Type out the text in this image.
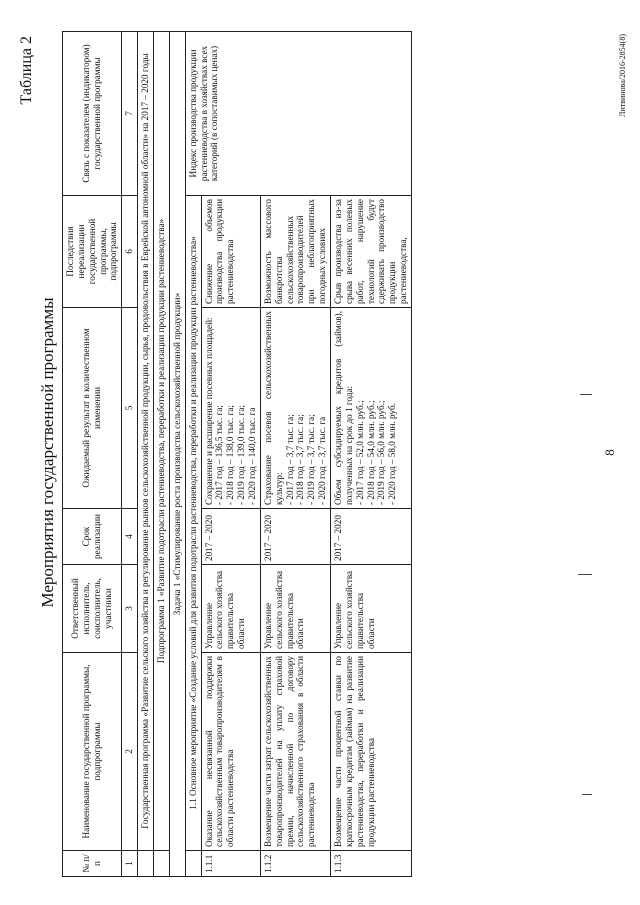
8
Таблица 2
Мероприятия государственной программы
№ п/п	Наименование государственной программы, подпрограммы	Ответственный исполнитель, соисполнитель, участники	Срок реализации	Ожидаемый результат в количественном изменении	Последствия нереализации государственной программы, подпрограммы	Связь с показателем (индикатором) государственной программы
1	2	3	4	5	6	7
	Государственная программа «Развитие сельского хозяйства и регулирование рынков сельскохозяйственной продукции, сырья, продовольствия в Еврейской автономной области» на 2017 – 2020 годы					
	Подпрограмма 1 «Развитие подотрасли растениеводства, переработки и реализации продукции растениеводства»					
Задача 1 «Стимулирование роста производства сельскохозяйственной продукции»						
	1.1 Основное мероприятие «Создание условий для развития подотрасли растениеводства, переработки и реализации продукции растениеводства»					Индекс производства продукции растениеводства в хозяйствах всех категорий (в сопоставимых ценах)
1.1.1	Оказание несвязанной поддержки сельскохозяйственным товаропроизводителям в области растениеводства	Управление сельского хозяйства правительства области	2017 – 2020	Сохранение и расширение посевных площадей: - 2017 год – 136,5 тыс. га; - 2018 год – 138,0 тыс. га; - 2019 год – 139,0 тыс. га; - 2020 год – 140,0 тыс. га	Снижение объемов производства продукции растениеводства	
1.1.2	Возмещение части затрат сельскохозяйственных товаропроизводителей на уплату страховой премии, начисленной по договору сельскохозяйственного страхования в области растениеводства	Управление сельского хозяйства правительства области	2017 – 2020	Страхование посевов сельскохозяйственных культур: - 2017 год – 3,7 тыс. га; - 2018 год – 3,7 тыс. га; - 2019 год – 3,7 тыс. га; - 2020 год – 3,7 тыс. га	Возможность массового банкротства сельскохозяйственных товаропроизводителей при неблагоприятных погодных условиях	
1.1.3	Возмещение части процентной ставки по краткосрочным кредитам (займам) на развитие растениеводства, переработки и реализации продукции растениеводства	Управление сельского хозяйства правительства области	2017 – 2020	Объем субсидируемых кредитов (займов), полученных на срок до 1 года: - 2017 год – 52,0 млн. руб.; - 2018 год – 54,0 млн. руб.; - 2019 год – 56,0 млн. руб.; - 2020 год – 58,0 млн. руб.	Срыв производства из-за срыва весенних полевых работ, нарушение технологий будут сдерживать производство продукции растениеводства,	
Литвинова/2016-2854(8)
